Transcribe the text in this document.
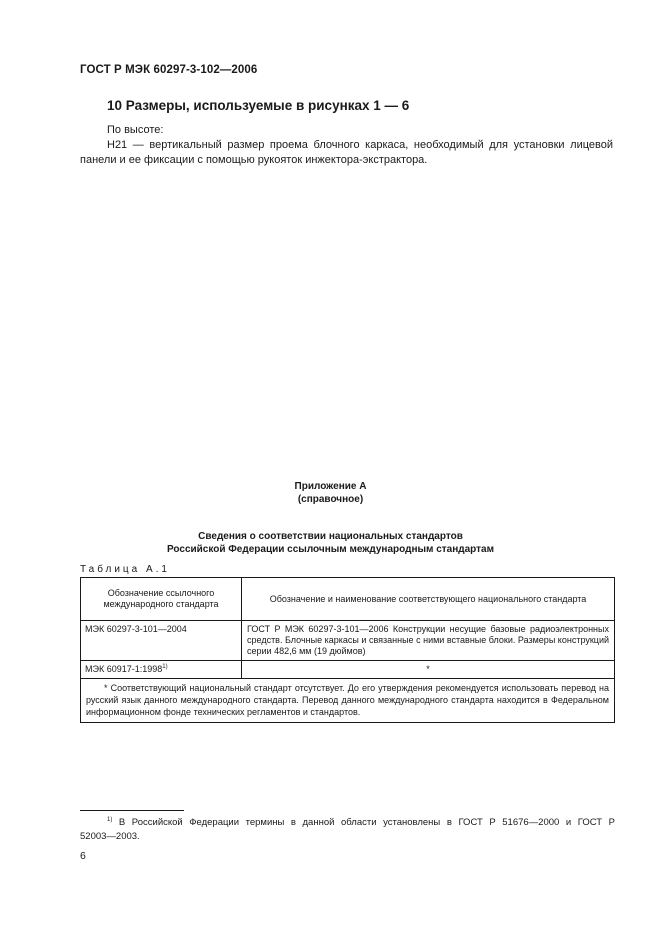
ГОСТ Р МЭК 60297-3-102—2006
10 Размеры, используемые в рисунках 1 — 6
По высоте:
H21 — вертикальный размер проема блочного каркаса, необходимый для установки лицевой панели и ее фиксации с помощью рукояток инжектора-экстрактора.
Приложение А
(справочное)
Сведения о соответствии национальных стандартов
Российской Федерации ссылочным международным стандартам
Таблица А.1
Обозначение ссылочного международного стандарта	Обозначение и наименование соответствующего национального стандарта
МЭК 60297-3-101—2004	ГОСТ Р МЭК 60297-3-101—2006 Конструкции несущие базовые радиоэлектронных средств. Блочные каркасы и связанные с ними вставные блоки. Размеры конструкций серии 482,6 мм (19 дюймов)
МЭК 60917-1:1998$^{1)}$	*
* Соответствующий национальный стандарт отсутствует. До его утверждения рекомендуется использовать перевод на русский язык данного международного стандарта. Перевод данного международного стандарта находится в Федеральном информационном фонде технических регламентов и стандартов.	
$^{1)}$ В Российской Федерации термины в данной области установлены в ГОСТ Р 51676—2000 и ГОСТ Р 52003—2003.
6
